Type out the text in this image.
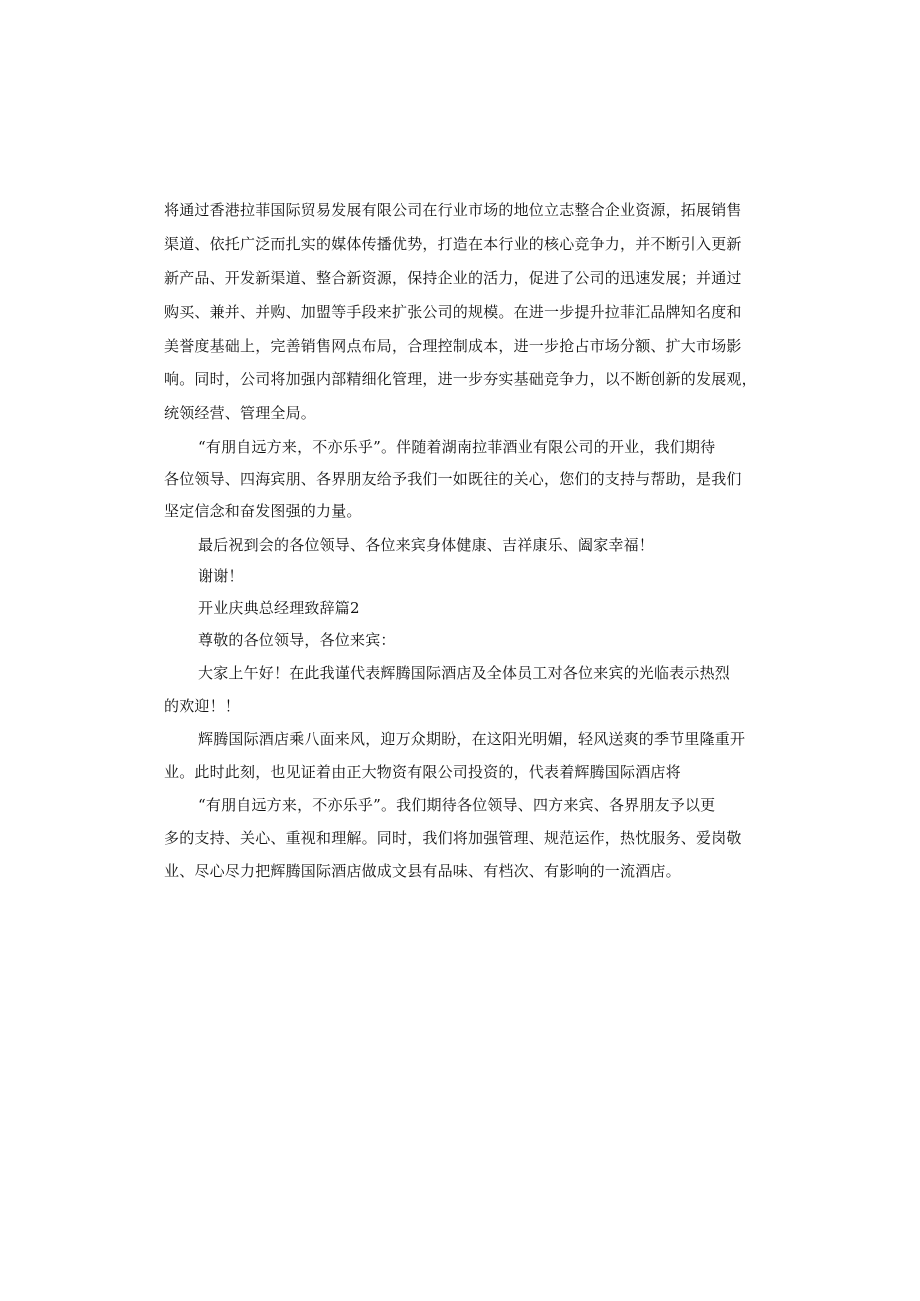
将通过香港拉菲国际贸易发展有限公司在行业市场的地位立志整合企业资源，拓展销售
渠道、依托广泛而扎实的媒体传播优势，打造在本行业的核心竞争力，并不断引入更新
新产品、开发新渠道、整合新资源，保持企业的活力，促进了公司的迅速发展；并通过
购买、兼并、并购、加盟等手段来扩张公司的规模。在进一步提升拉菲汇品牌知名度和
美誉度基础上，完善销售网点布局，合理控制成本，进一步抢占市场分额、扩大市场影
响。同时，公司将加强内部精细化管理，进一步夯实基础竞争力，以不断创新的发展观，
统领经营、管理全局。
“有朋自远方来，不亦乐乎”。伴随着湖南拉菲酒业有限公司的开业，我们期待
各位领导、四海宾朋、各界朋友给予我们一如既往的关心，您们的支持与帮助，是我们
坚定信念和奋发图强的力量。
最后祝到会的各位领导、各位来宾身体健康、吉祥康乐、阖家幸福！
谢谢！
开业庆典总经理致辞篇2
尊敬的各位领导，各位来宾：
大家上午好！在此我谨代表辉腾国际酒店及全体员工对各位来宾的光临表示热烈
的欢迎！！
辉腾国际酒店乘八面来风，迎万众期盼，在这阳光明媚，轻风送爽的季节里隆重开
业。此时此刻，也见证着由正大物资有限公司投资的，代表着辉腾国际酒店将
“有朋自远方来，不亦乐乎”。我们期待各位领导、四方来宾、各界朋友予以更
多的支持、关心、重视和理解。同时，我们将加强管理、规范运作，热忱服务、爱岗敬
业、尽心尽力把辉腾国际酒店做成文县有品味、有档次、有影响的一流酒店。
